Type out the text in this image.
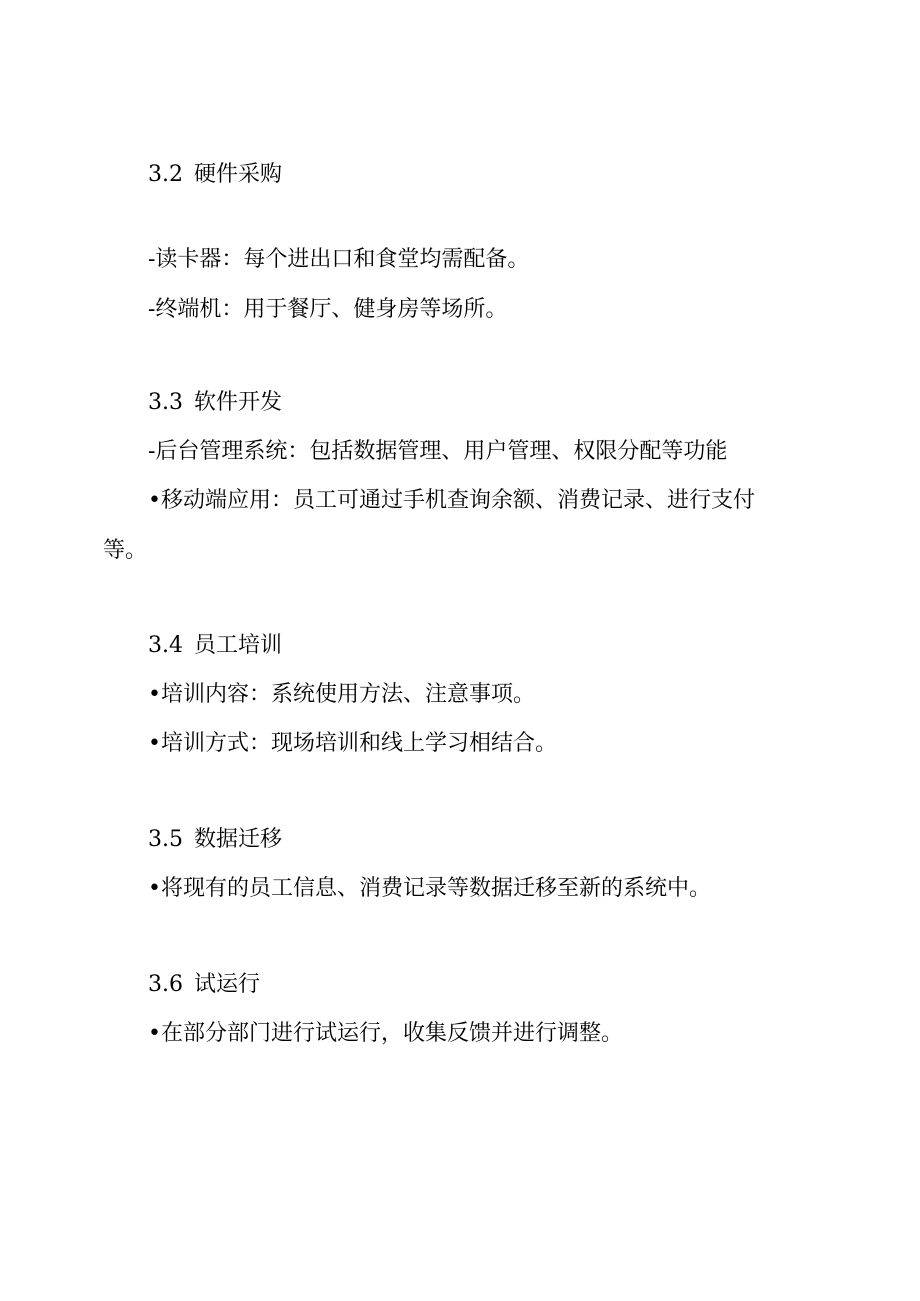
3.2 硬件采购
-读卡器：每个进出口和食堂均需配备。
-终端机：用于餐厅、健身房等场所。
3.3 软件开发
-后台管理系统：包括数据管理、用户管理、权限分配等功能
•移动端应用：员工可通过手机查询余额、消费记录、进行支付
等。
3.4 员工培训
•培训内容：系统使用方法、注意事项。
•培训方式：现场培训和线上学习相结合。
3.5 数据迁移
•将现有的员工信息、消费记录等数据迁移至新的系统中。
3.6 试运行
•在部分部门进行试运行，收集反馈并进行调整。
